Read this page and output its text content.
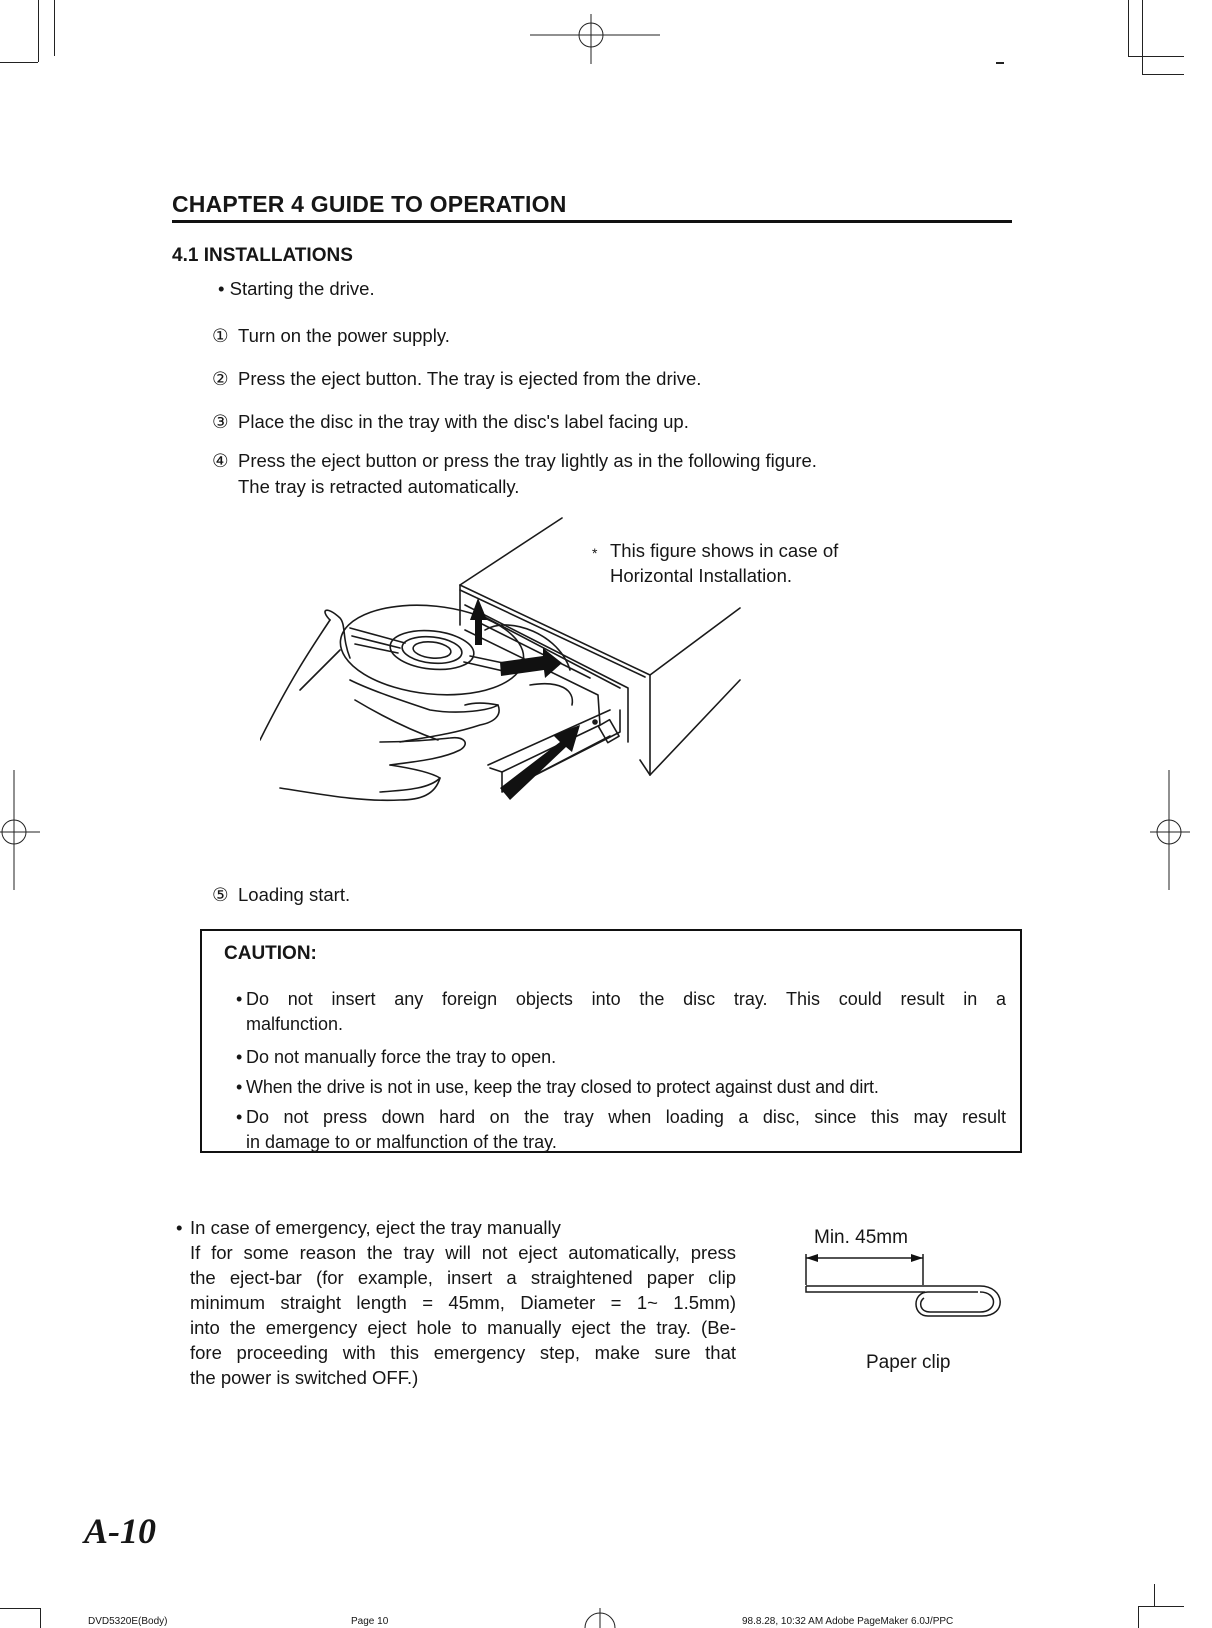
CHAPTER 4 GUIDE TO OPERATION
4.1 INSTALLATIONS
• Starting the drive.
① Turn on the power supply.
② Press the eject button. The tray is ejected from the drive.
③ Place the disc in the tray with the disc's label facing up.
④ Press the eject button or press the tray lightly as in the following figure.
The tray is retracted automatically.
* This figure shows in case of
Horizontal Installation.
⑤ Loading start.
CAUTION:
• Do not insert any foreign objects into the disc tray. This could result in a
malfunction.
• Do not manually force the tray to open.
• When the drive is not in use, keep the tray closed to protect against dust and dirt.
• Do not press down hard on the tray when loading a disc, since this may result
in damage to or malfunction of the tray.
• In case of emergency, eject the tray manually
If for some reason the tray will not eject automatically, press
the eject-bar (for example, insert a straightened paper clip
minimum straight length = 45mm, Diameter = 1~ 1.5mm)
into the emergency eject hole to manually eject the tray. (Be-
fore proceeding with this emergency step, make sure that
the power is switched OFF.)
Min. 45mm
Paper clip
A-10
DVD5320E(Body)	Page 10	98.8.28, 10:32 AM Adobe PageMaker 6.0J/PPC
